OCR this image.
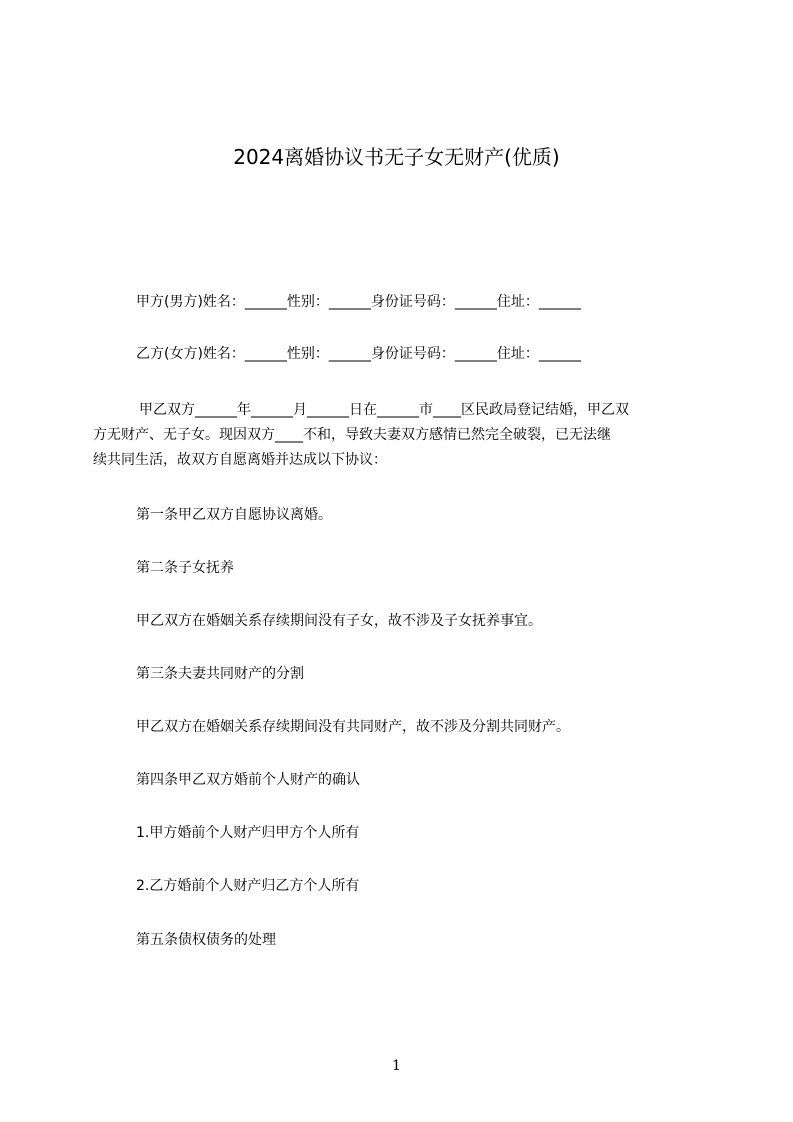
2024离婚协议书无子女无财产(优质)
甲方(男方)姓名：______性别：______身份证号码：______住址：______
乙方(女方)姓名：______性别：______身份证号码：______住址：______
甲乙双方______年______月______日在______市____区民政局登记结婚，甲乙双
方无财产、无子女。现因双方____不和，导致夫妻双方感情已然完全破裂，已无法继
续共同生活，故双方自愿离婚并达成以下协议：
第一条甲乙双方自愿协议离婚。
第二条子女抚养
甲乙双方在婚姻关系存续期间没有子女，故不涉及子女抚养事宜。
第三条夫妻共同财产的分割
甲乙双方在婚姻关系存续期间没有共同财产，故不涉及分割共同财产。
第四条甲乙双方婚前个人财产的确认
1.甲方婚前个人财产归甲方个人所有
2.乙方婚前个人财产归乙方个人所有
第五条债权债务的处理
1
